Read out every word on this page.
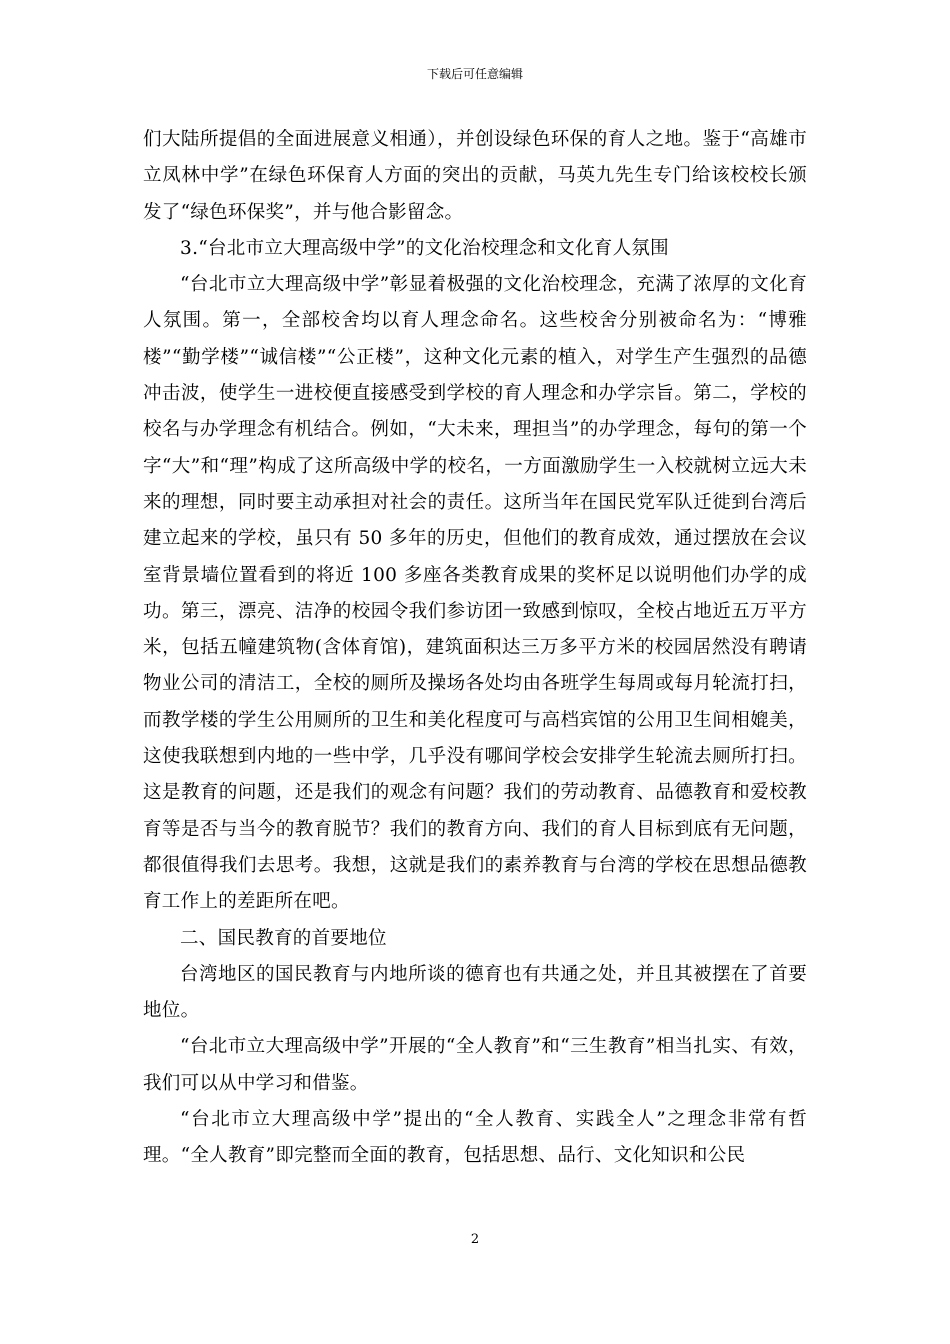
下载后可任意编辑

们大陆所提倡的全面进展意义相通），并创设绿色环保的育人之地。鉴于“高雄市立凤林中学”在绿色环保育人方面的突出的贡献，马英九先生专门给该校校长颁发了“绿色环保奖”，并与他合影留念。

3.“台北市立大理高级中学”的文化治校理念和文化育人氛围

“台北市立大理高级中学”彰显着极强的文化治校理念，充满了浓厚的文化育人氛围。第一，全部校舍均以育人理念命名。这些校舍分别被命名为：“博雅楼”“勤学楼”“诚信楼”“公正楼”，这种文化元素的植入，对学生产生强烈的品德冲击波，使学生一进校便直接感受到学校的育人理念和办学宗旨。第二，学校的校名与办学理念有机结合。例如，“大未来，理担当”的办学理念，每句的第一个字“大”和“理”构成了这所高级中学的校名，一方面激励学生一入校就树立远大未来的理想，同时要主动承担对社会的责任。这所当年在国民党军队迁徙到台湾后建立起来的学校，虽只有 50 多年的历史，但他们的教育成效，通过摆放在会议室背景墙位置看到的将近 100 多座各类教育成果的奖杯足以说明他们办学的成功。第三，漂亮、洁净的校园令我们参访团一致感到惊叹，全校占地近五万平方米，包括五幢建筑物(含体育馆)，建筑面积达三万多平方米的校园居然没有聘请物业公司的清洁工，全校的厕所及操场各处均由各班学生每周或每月轮流打扫，而教学楼的学生公用厕所的卫生和美化程度可与高档宾馆的公用卫生间相媲美，这使我联想到内地的一些中学，几乎没有哪间学校会安排学生轮流去厕所打扫。这是教育的问题，还是我们的观念有问题？我们的劳动教育、品德教育和爱校教育等是否与当今的教育脱节？我们的教育方向、我们的育人目标到底有无问题，都很值得我们去思考。我想，这就是我们的素养教育与台湾的学校在思想品德教育工作上的差距所在吧。

二、国民教育的首要地位

台湾地区的国民教育与内地所谈的德育也有共通之处，并且其被摆在了首要地位。

“台北市立大理高级中学”开展的“全人教育”和“三生教育”相当扎实、有效，我们可以从中学习和借鉴。

“台北市立大理高级中学”提出的“全人教育、实践全人”之理念非常有哲理。“全人教育”即完整而全面的教育，包括思想、品行、文化知识和公民

2
